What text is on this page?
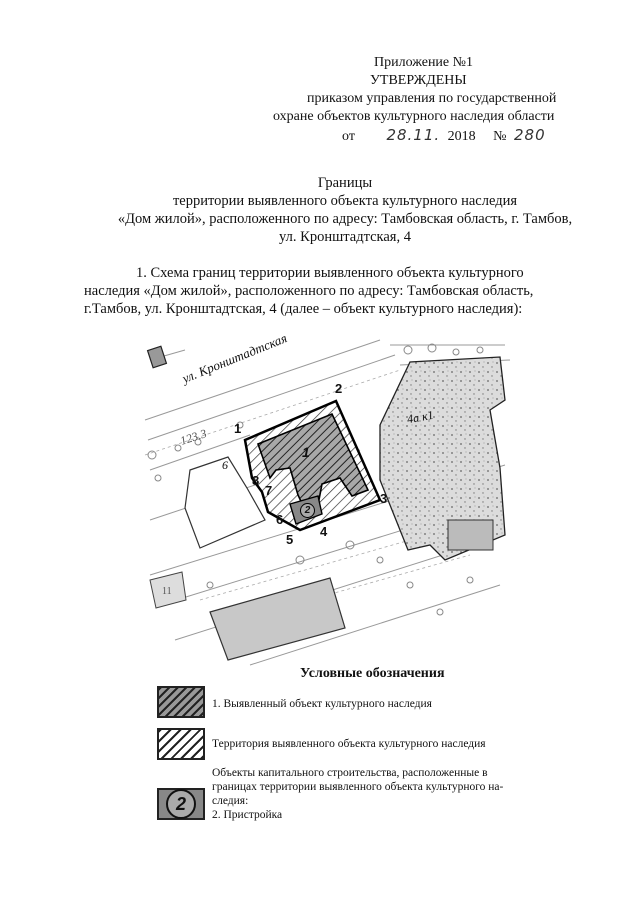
Приложение №1
УТВЕРЖДЕНЫ
приказом управления по государственной
охране объектов культурного наследия области
от 28.11. 2018 № 280
Границы
территории выявленного объекта культурного наследия
«Дом жилой», расположенного по адресу: Тамбовская область, г. Тамбов,
ул. Кронштадтская, 4
1. Схема границ территории выявленного объекта культурного
наследия «Дом жилой», расположенного по адресу: Тамбовская область,
г.Тамбов, ул. Кронштадтская, 4 (далее – объект культурного наследия):
ул. Кронштадтская
123.3
6
11
4а к1
1
2
1
2
3
4
5
6
7
8
Условные обозначения
1. Выявленный объект культурного наследия
Территория выявленного объекта культурного наследия
2
Объекты капитального строительства, расположенные в
границах территории выявленного объекта культурного на-
следия:
2. Пристройка
